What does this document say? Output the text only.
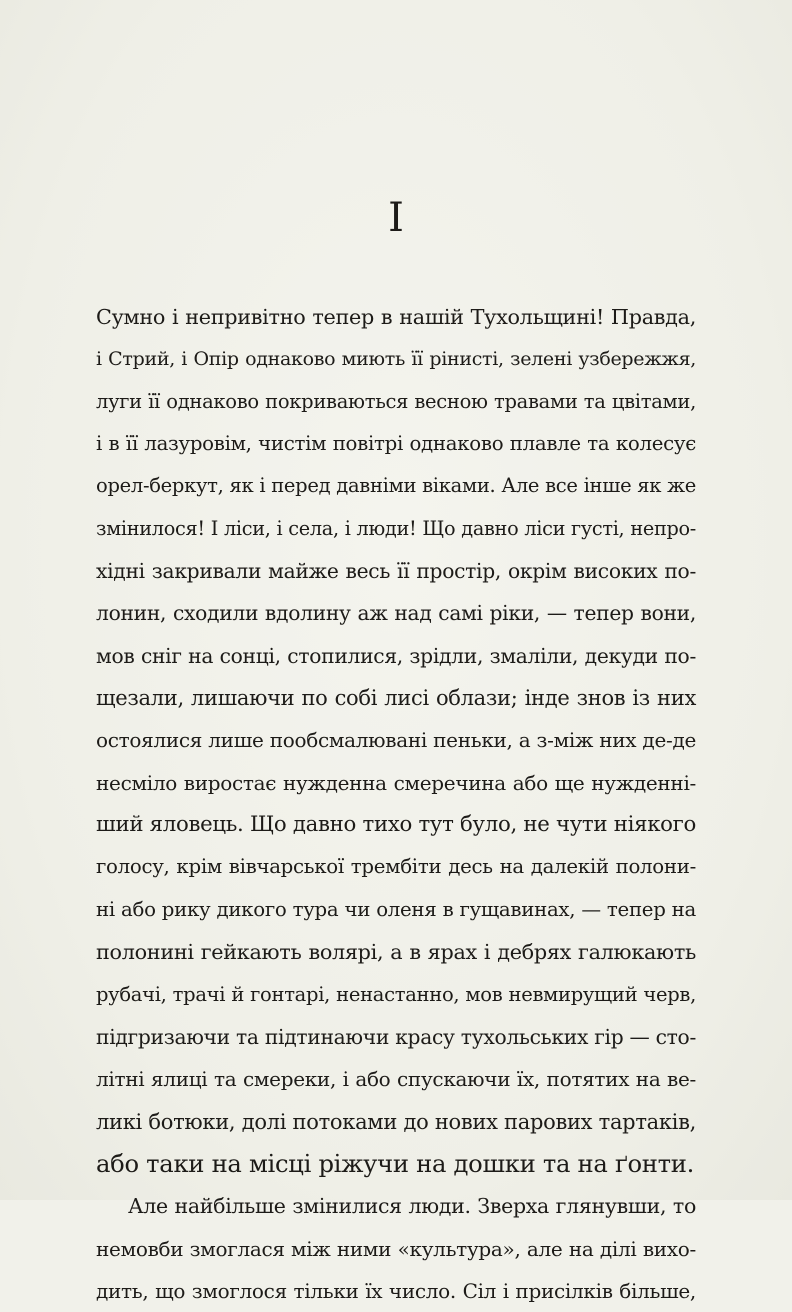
I
Сумно і непривітно тепер в нашій Тухольщині! Правда,
і Стрий, і Опір однаково миють її рінисті, зелені узбережжя,
луги її однаково покриваються весною травами та цвітами,
і в її лазуровім, чистім повітрі однаково плавле та колесує
орел-беркут, як і перед давніми віками. Але все інше як же
змінилося! І ліси, і села, і люди! Що давно ліси густі, непро-
хідні закривали майже весь її простір, окрім високих по-
лонин, сходили вдолину аж над самі ріки, — тепер вони,
мов сніг на сонці, стопилися, зрідли, змаліли, декуди по-
щезали, лишаючи по собі лисі облази; інде знов із них
остоялися лише пообсмалювані пеньки, а з-між них де-де
несміло виростає нужденна смеречина або ще нужденні-
ший яловець. Що давно тихо тут було, не чути ніякого
голосу, крім вівчарської трембіти десь на далекій полони-
ні або рику дикого тура чи оленя в гущавинах, — тепер на
полонині гейкають волярі, а в ярах і дебрях галюкають
рубачі, трачі й гонтарі, ненастанно, мов невмирущий черв,
підгризаючи та підтинаючи красу тухольських гір — сто-
літні ялиці та смереки, і або спускаючи їх, потятих на ве-
ликі ботюки, долі потоками до нових парових тартаків,
або таки на місці ріжучи на дошки та на ґонти.
Але найбільше змінилися люди. Зверха глянувши, то
немовби змоглася між ними «культура», але на ділі вихо-
дить, що змоглося тільки їх число. Сіл і присілків більше,
